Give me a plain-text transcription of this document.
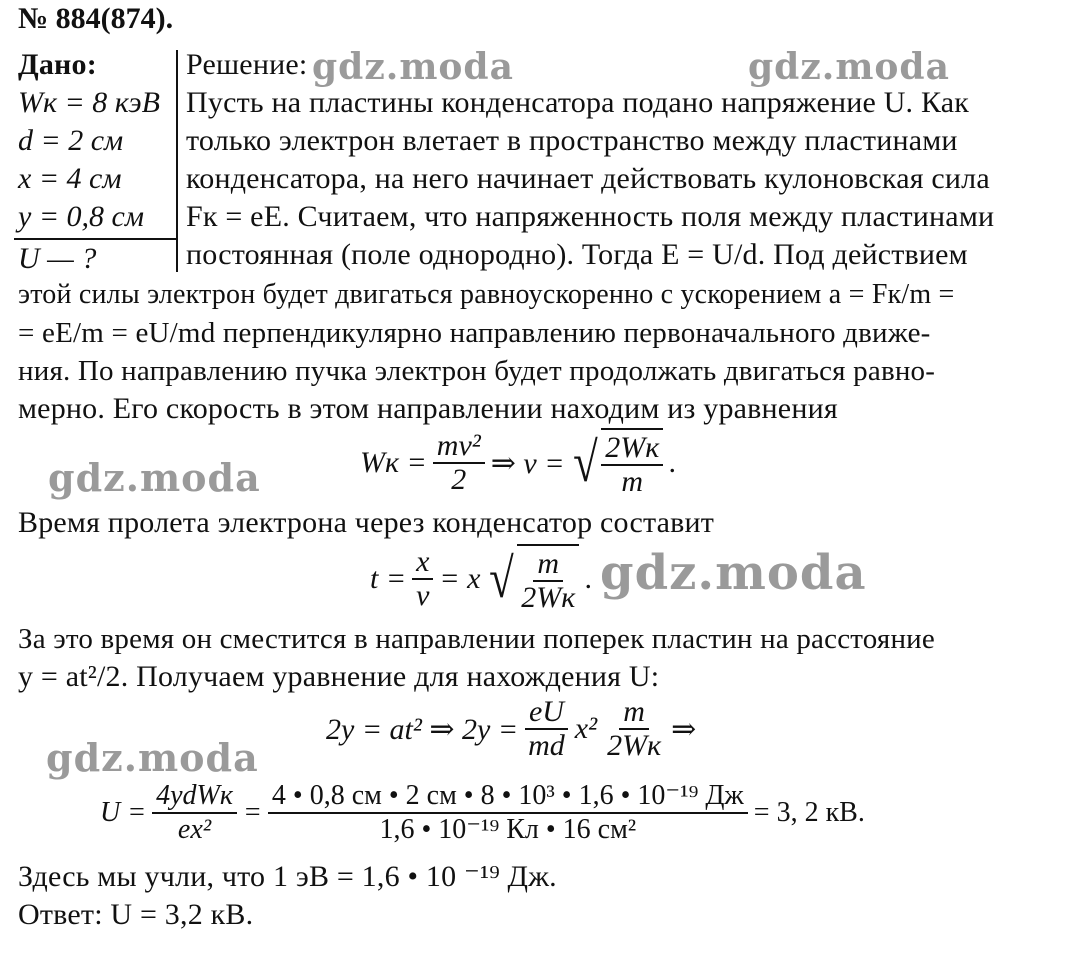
gdz.moda	gdz.moda
gdz.moda
gdz.moda
gdz.moda
№ 884(874).
Дано:
Wк = 8 кэВ
d = 2 см
x = 4 см
y = 0,8 см
U — ?
Решение:
Пусть на пластины конденсатора подано напряжение U. Как
только электрон влетает в пространство между пластинами
конденсатора, на него начинает действовать кулоновская сила
Fк = eE. Считаем, что напряженность поля между пластинами
постоянная (поле однородно). Тогда E = U/d. Под действием
этой силы электрон будет двигаться равноускоренно с ускорением a = Fк/m =
= eE/m = eU/md перпендикулярно направлению первоначального движе-
ния. По направлению пучка электрон будет продолжать двигаться равно-
мерно. Его скорость в этом направлении находим из уравнения
Wк = $\frac{\text{mv²}}{2}$ ⇒ v = √ $\frac{2Wк}{m}$ .
Время пролета электрона через конденсатор составит
$t = \frac{x}{v} = x$ √ $\frac{m}{2Wк}$ .
За это время он сместится в направлении поперек пластин на расстояние
y = at²/2. Получаем уравнение для нахождения U:
2y = at² ⇒ $2y = \frac{eU}{md} x^2 \frac{m}{2Wк}$ ⇒
$U = \frac{\text{4ydWк}}{\text{ex²}} = \frac{\text{4 • 0,8 см • 2 см • 8 • 10³ • 1,6 • 10⁻¹⁹ Дж}}{\text{1,6 • 10⁻¹⁹ Кл • 16 см²}} = 3$, 2 кВ.
Здесь мы учли, что 1 эВ = 1,6 • 10 ⁻¹⁹ Дж.
Ответ: U = 3,2 кВ.
